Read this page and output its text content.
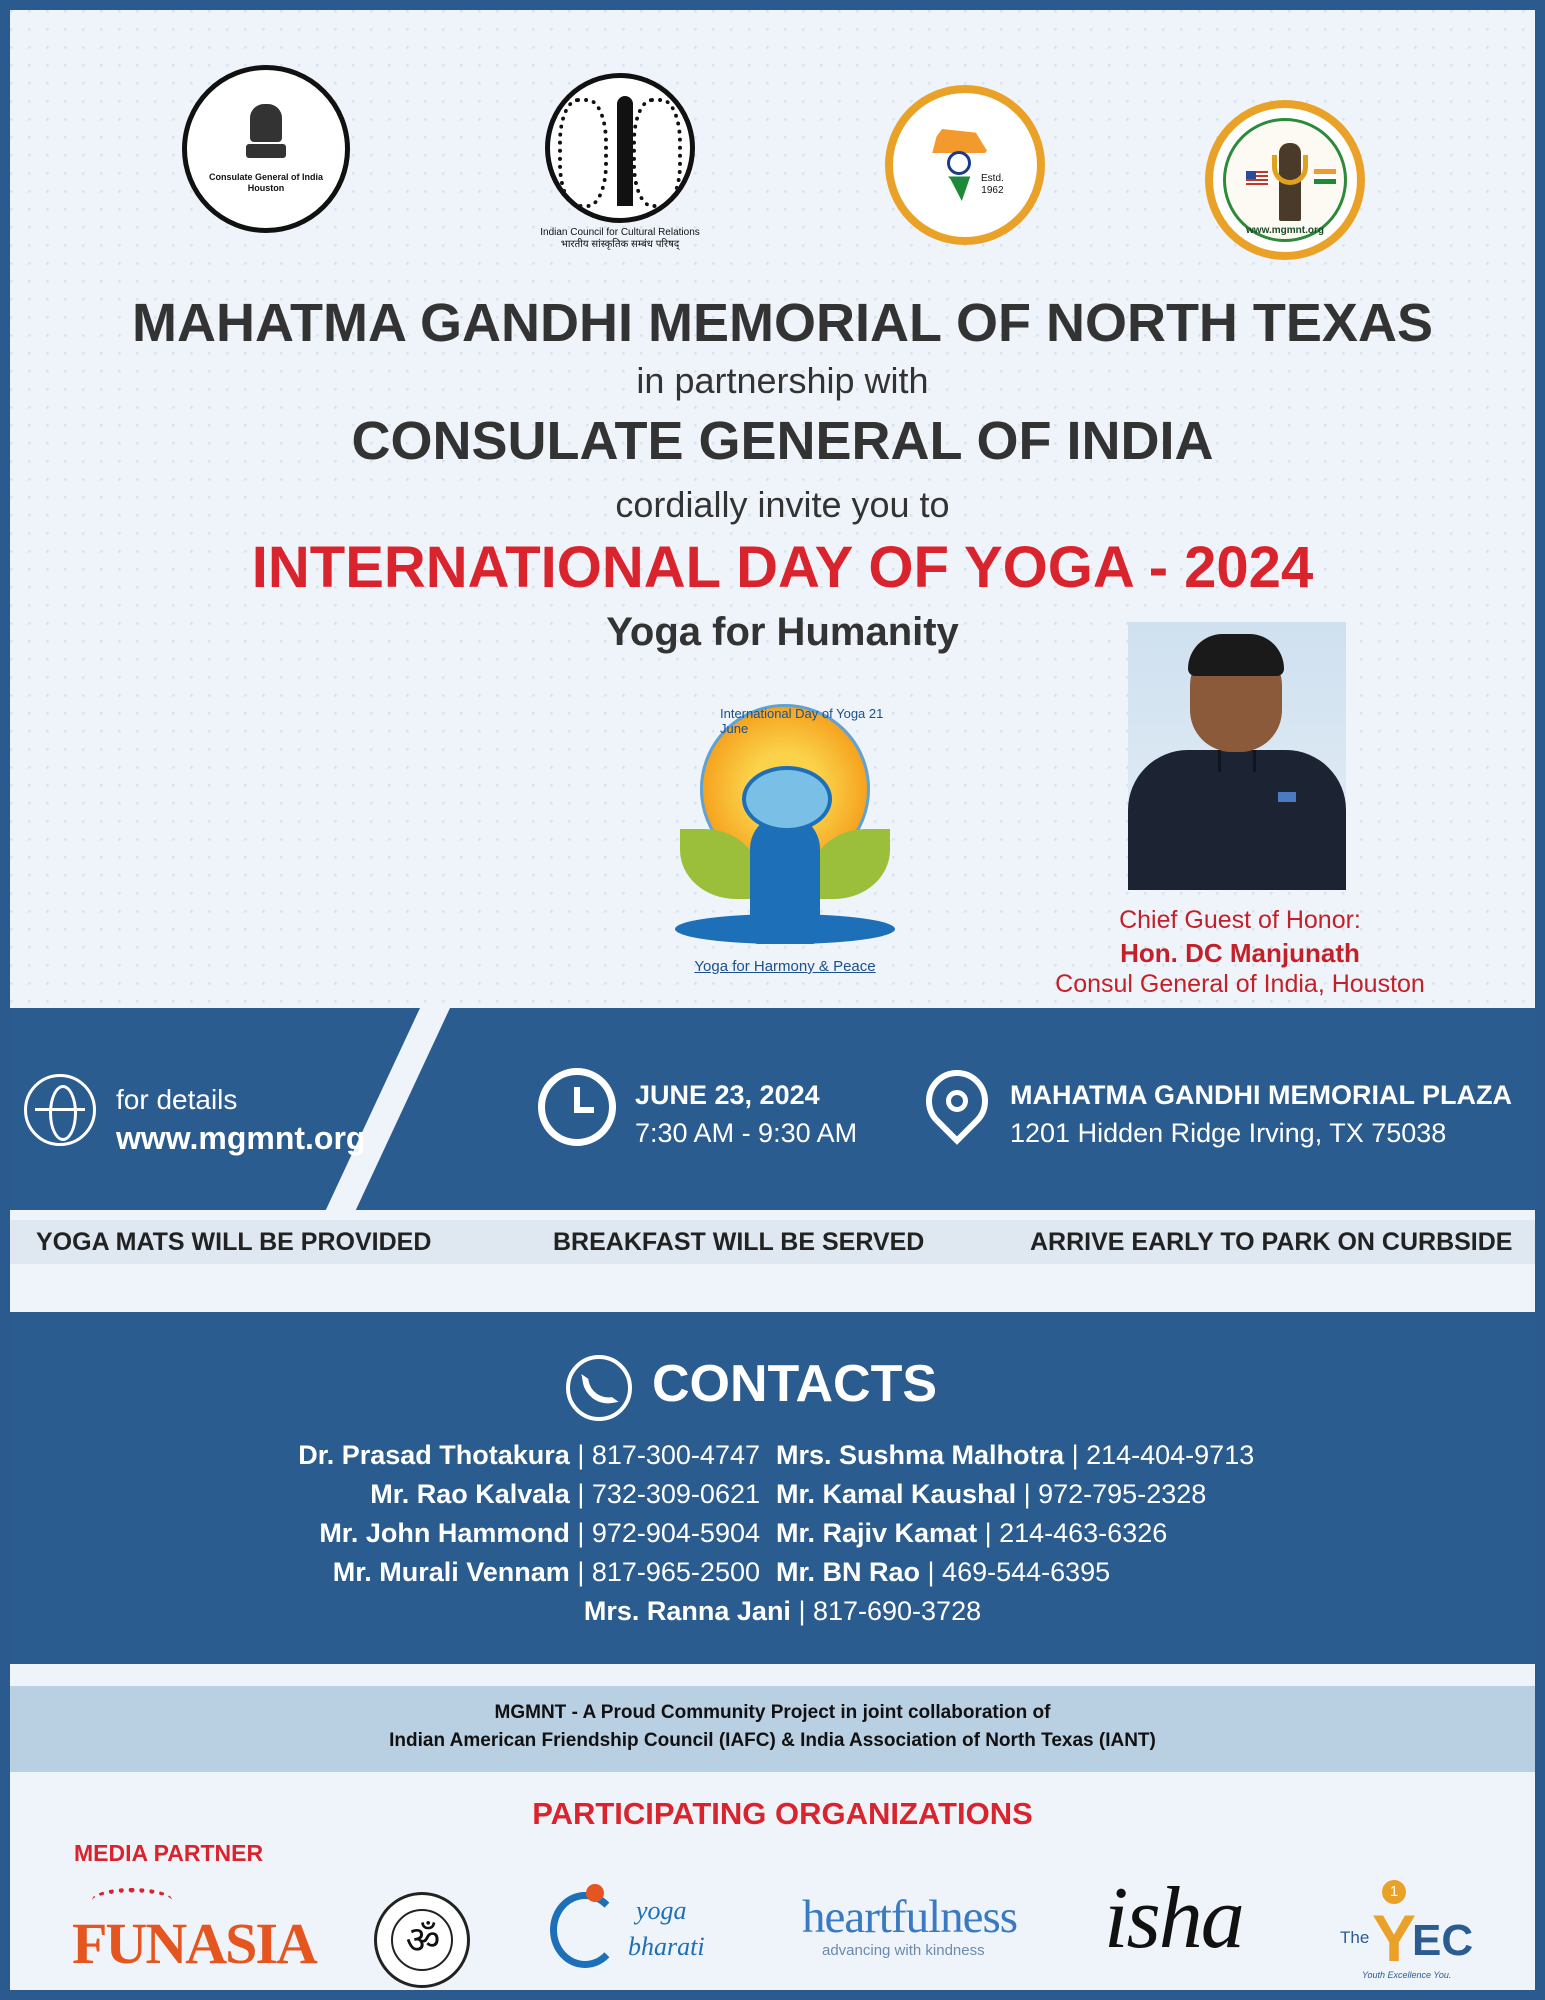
Consulate General of India
Houston
Indian Council for Cultural Relations
भारतीय सांस्कृतिक सम्बंध परिषद्
Estd.
1962
www.mgmnt.org
MAHATMA GANDHI MEMORIAL OF NORTH TEXAS
in partnership with
CONSULATE GENERAL OF INDIA
cordially invite you to
INTERNATIONAL DAY OF YOGA - 2024
Yoga for Humanity
International Day of Yoga 21 June
Yoga for Harmony & Peace
Chief Guest of Honor:
Hon. DC Manjunath
Consul General of India, Houston
for details
www.mgmnt.org
JUNE 23, 2024
7:30 AM - 9:30 AM
MAHATMA GANDHI MEMORIAL PLAZA
1201 Hidden Ridge Irving, TX 75038
YOGA MATS WILL BE PROVIDED	BREAKFAST WILL BE SERVED	ARRIVE EARLY TO PARK ON CURBSIDE
CONTACTS
Dr. Prasad Thotakura | 817-300-4747
Mr. Rao Kalvala | 732-309-0621
Mr. John Hammond | 972-904-5904
Mr. Murali Vennam | 817-965-2500
Mrs. Ranna Jani | 817-690-3728
Mrs. Sushma Malhotra | 214-404-9713
Mr. Kamal Kaushal | 972-795-2328
Mr. Rajiv Kamat | 214-463-6326
Mr. BN Rao | 469-544-6395
MGMNT - A Proud Community Project in joint collaboration of
Indian American Friendship Council (IAFC) & India Association of North Texas (IANT)
PARTICIPATING ORGANIZATIONS
MEDIA PARTNER
FUNASIA	ॐ
yoga
bharati
heartfulness
advancing with kindness isha	1
The Y
EC
Youth Excellence You.
